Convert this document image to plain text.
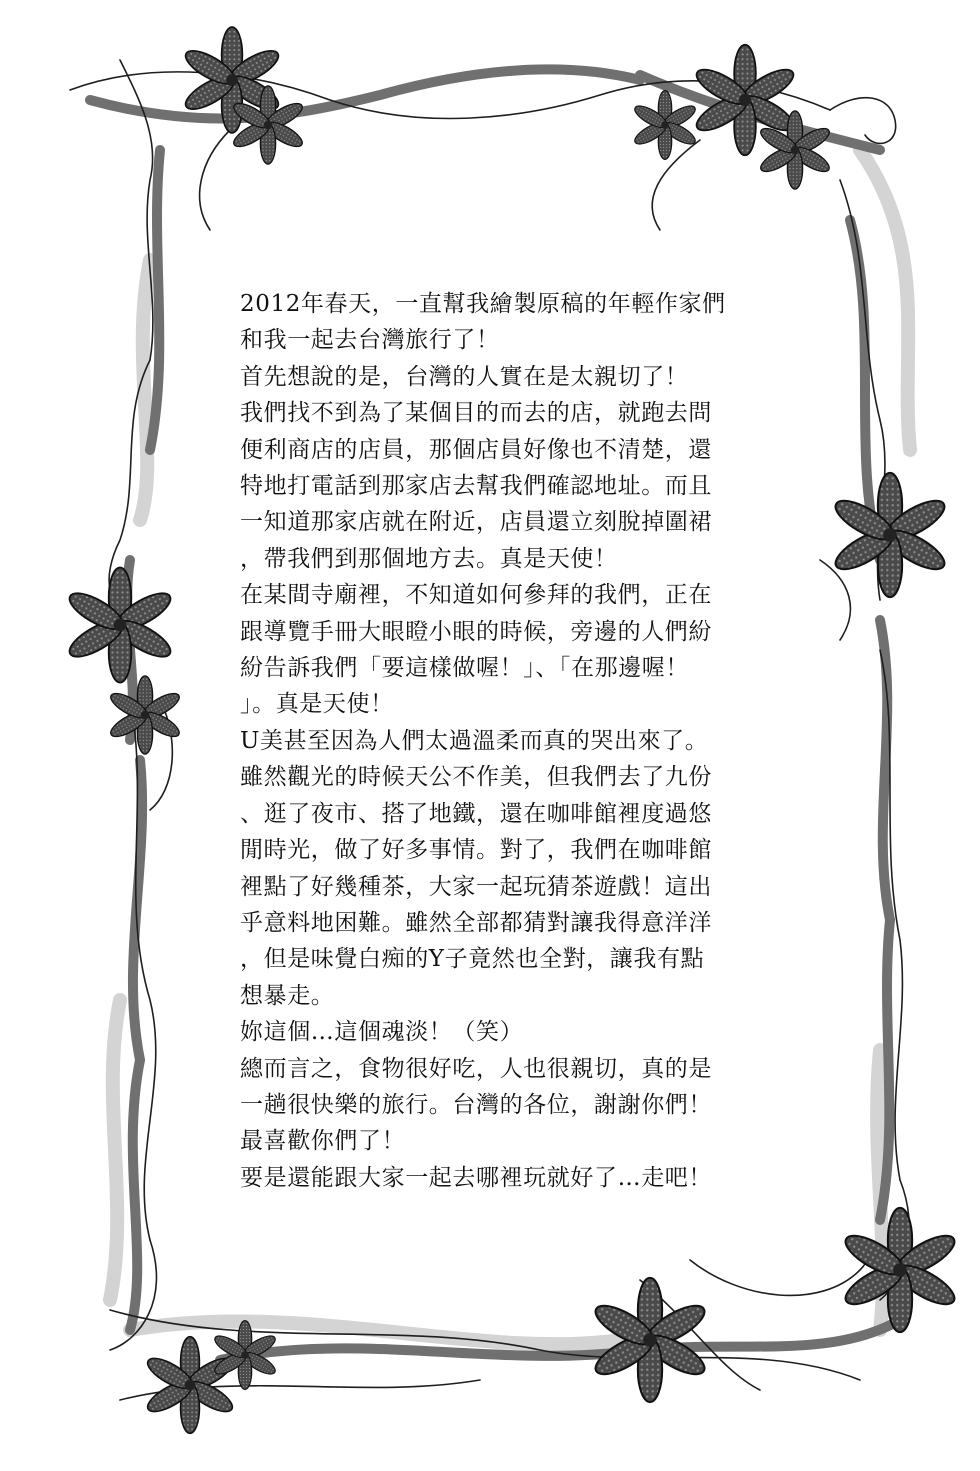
2012年春天，一直幫我繪製原稿的年輕作家們
和我一起去台灣旅行了！
首先想說的是，台灣的人實在是太親切了！
我們找不到為了某個目的而去的店，就跑去問
便利商店的店員，那個店員好像也不清楚，還
特地打電話到那家店去幫我們確認地址。而且
一知道那家店就在附近，店員還立刻脫掉圍裙
，帶我們到那個地方去。真是天使！
在某間寺廟裡，不知道如何參拜的我們，正在
跟導覽手冊大眼瞪小眼的時候，旁邊的人們紛
紛告訴我們「要這樣做喔！」、「在那邊喔！
」。真是天使！
U美甚至因為人們太過溫柔而真的哭出來了。
雖然觀光的時候天公不作美，但我們去了九份
、逛了夜市、搭了地鐵，還在咖啡館裡度過悠
閒時光，做了好多事情。對了，我們在咖啡館
裡點了好幾種茶，大家一起玩猜茶遊戲！這出
乎意料地困難。雖然全部都猜對讓我得意洋洋
，但是味覺白痴的Y子竟然也全對，讓我有點
想暴走。
妳這個…這個魂淡！（笑）
總而言之，食物很好吃，人也很親切，真的是
一趟很快樂的旅行。台灣的各位，謝謝你們！
最喜歡你們了！
要是還能跟大家一起去哪裡玩就好了…走吧！
